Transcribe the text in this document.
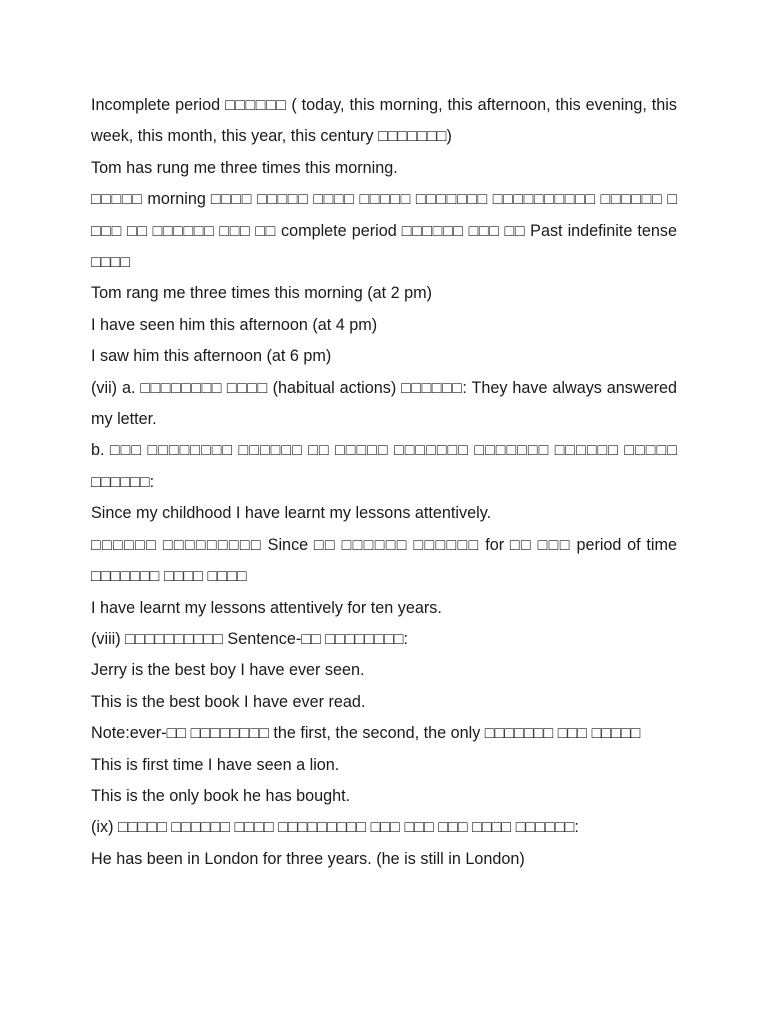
Incomplete period □□□□□□ ( today, this morning, this afternoon, this evening, this week, this month, this year, this century □□□□□□□)

Tom has rung me three times this morning.

□□□□□ morning □□□□ □□□□□ □□□□ □□□□□ □□□□□□□ □□□□□□□□□□ □□□□□□ □ □□□ □□ □□□□□□ □□□ □□ complete period □□□□□□ □□□ □□ Past indefinite tense □□□□

Tom rang me three times this morning (at 2 pm)

I have seen him this afternoon (at 4 pm)

I saw him this afternoon (at 6 pm)

(vii) a. □□□□□□□□ □□□□ (habitual actions) □□□□□□: They have always answered my letter.

b. □□□ □□□□□□□□ □□□□□□ □□ □□□□□ □□□□□□□ □□□□□□□ □□□□□□ □□□□□ □□□□□□:

Since my childhood I have learnt my lessons attentively.

□□□□□□ □□□□□□□□□ Since □□ □□□□□□ □□□□□□ for □□ □□□ period of time □□□□□□□ □□□□ □□□□

I have learnt my lessons attentively for ten years.

(viii) □□□□□□□□□□ Sentence-□□ □□□□□□□□:

Jerry is the best boy I have ever seen.

This is the best book I have ever read.

Note:ever-□□ □□□□□□□□ the first, the second, the only □□□□□□□ □□□ □□□□□

This is first time I have seen a lion.

This is the only book he has bought.

(ix) □□□□□ □□□□□□ □□□□ □□□□□□□□□ □□□ □□□ □□□ □□□□ □□□□□□:

He has been in London for three years. (he is still in London)
